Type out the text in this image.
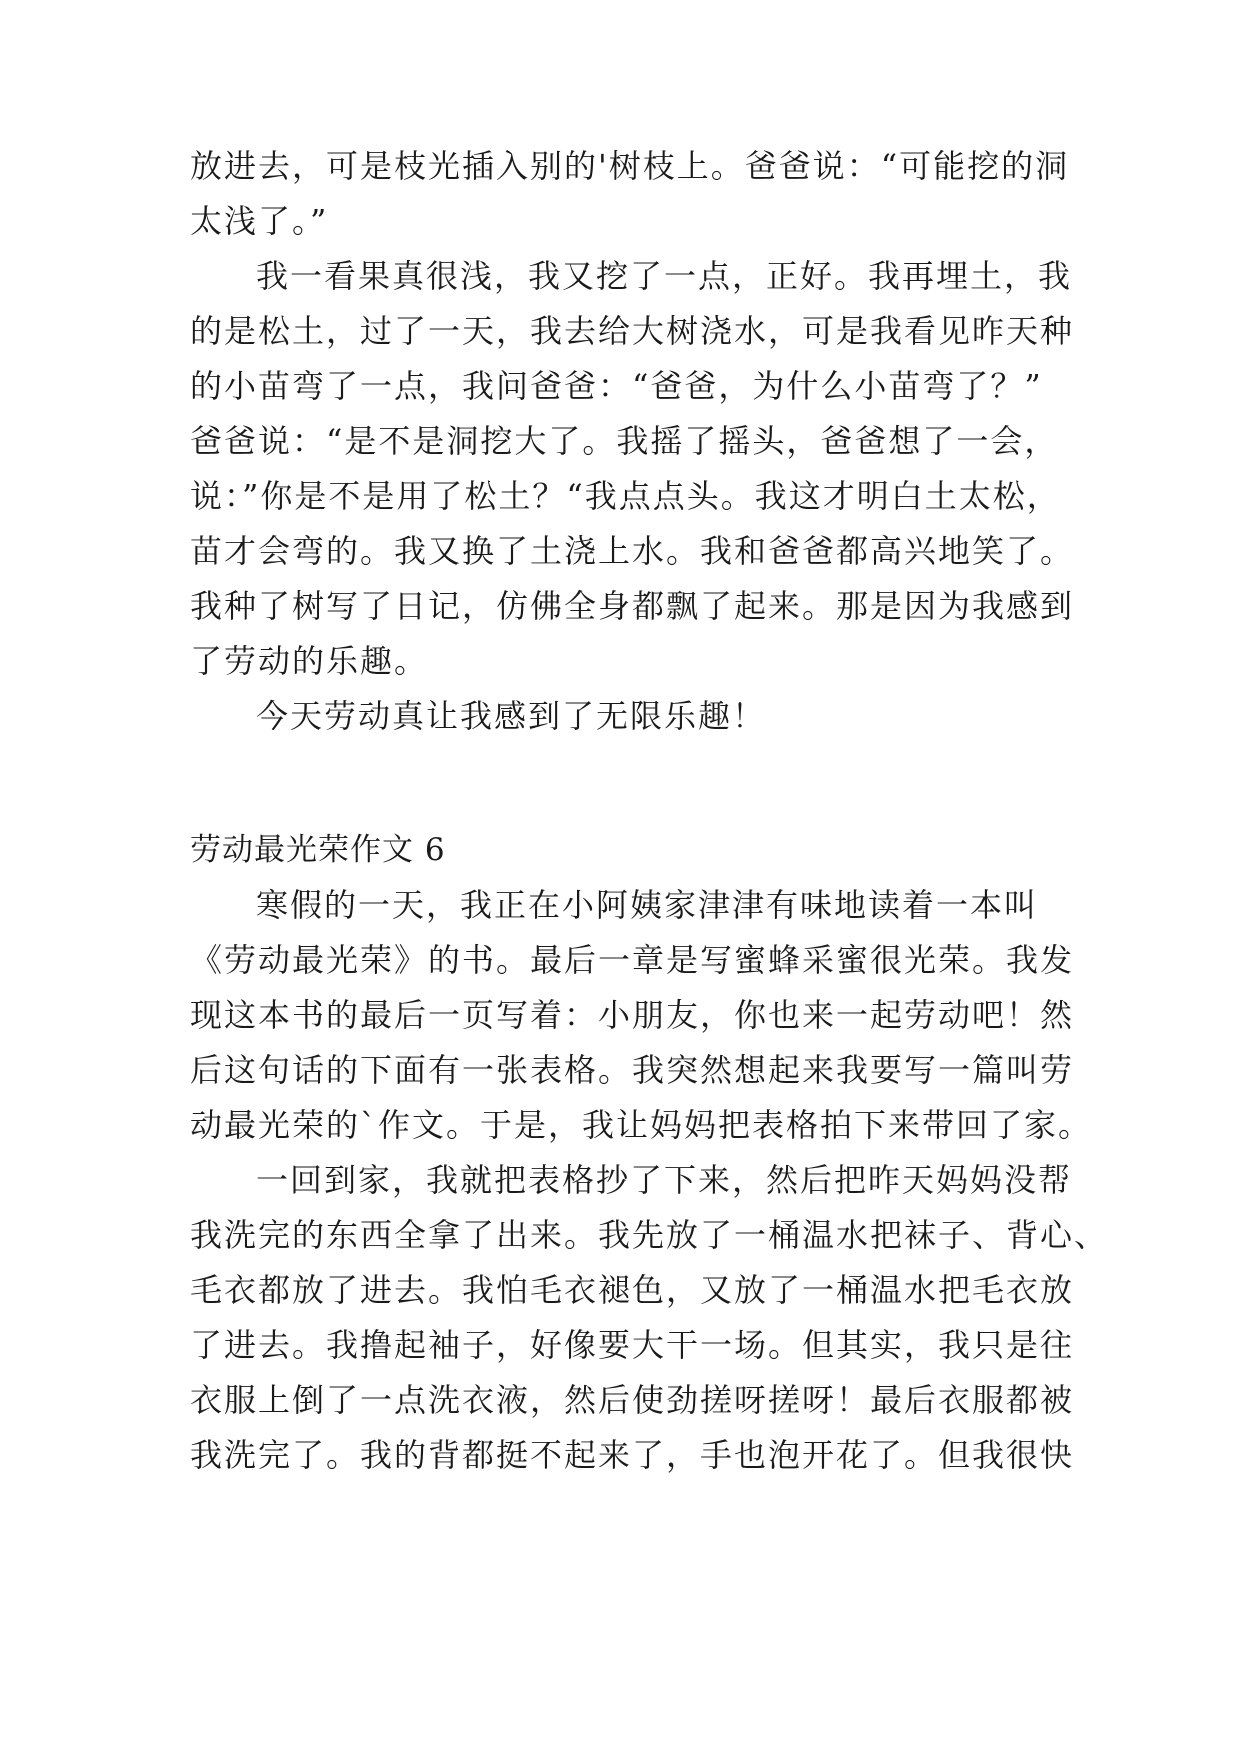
放进去，可是枝光插入别的'树枝上。爸爸说：“可能挖的洞
太浅了。”
我一看果真很浅，我又挖了一点，正好。我再埋土，我
的是松土，过了一天，我去给大树浇水，可是我看见昨天种
的小苗弯了一点，我问爸爸：“爸爸，为什么小苗弯了？”
爸爸说：“是不是洞挖大了。我摇了摇头，爸爸想了一会，
说：”你是不是用了松土？“我点点头。我这才明白土太松，
苗才会弯的。我又换了土浇上水。我和爸爸都高兴地笑了。
我种了树写了日记，仿佛全身都飘了起来。那是因为我感到
了劳动的乐趣。
今天劳动真让我感到了无限乐趣！
劳动最光荣作文 6
寒假的一天，我正在小阿姨家津津有味地读着一本叫
《劳动最光荣》的书。最后一章是写蜜蜂采蜜很光荣。我发
现这本书的最后一页写着：小朋友，你也来一起劳动吧！然
后这句话的下面有一张表格。我突然想起来我要写一篇叫劳
动最光荣的`作文。于是，我让妈妈把表格拍下来带回了家。
一回到家，我就把表格抄了下来，然后把昨天妈妈没帮
我洗完的东西全拿了出来。我先放了一桶温水把袜子、背心、
毛衣都放了进去。我怕毛衣褪色，又放了一桶温水把毛衣放
了进去。我撸起袖子，好像要大干一场。但其实，我只是往
衣服上倒了一点洗衣液，然后使劲搓呀搓呀！最后衣服都被
我洗完了。我的背都挺不起来了，手也泡开花了。但我很快
